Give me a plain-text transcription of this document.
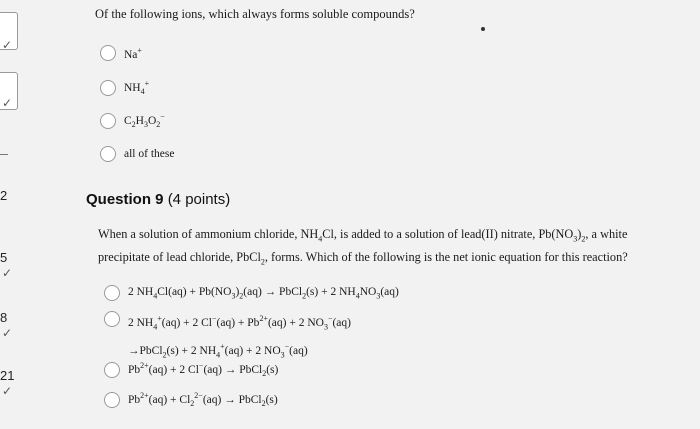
✓
✓
2
5
✓
8
✓
21
✓
Of the following ions, which always forms soluble compounds?
Na+
$NH_4^+$
$C_2H_3O_2^-$
all of these
Question 9 (4 points)
When a solution of ammonium chloride, $NH_4Cl$, is added to a solution of lead(II) nitrate, $Pb(NO_3)_2$, a white
precipitate of lead chloride, PbCl$_2$, forms. Which of the following is the net ionic equation for this reaction?
2 $NH_4Cl(aq) + Pb(NO_3)_2(aq)$ → PbCl$_2$(s) + 2 $NH_4NO_3(aq)$
2 $NH_4^+(aq) + 2$ $Cl^-(aq) + Pb^{2+}(aq) + 2$ $NO_3^-(aq)$
→PbCl$_2$(s) + 2 $NH_4^+(aq) + 2$ $NO_3^-(aq)$
$Pb^{2+}(aq) + 2$ Cl−(aq) → PbCl$_2$(s)
$Pb^{2+}(aq) + Cl_2^{2-}(aq)$ → PbCl$_2$(s)
